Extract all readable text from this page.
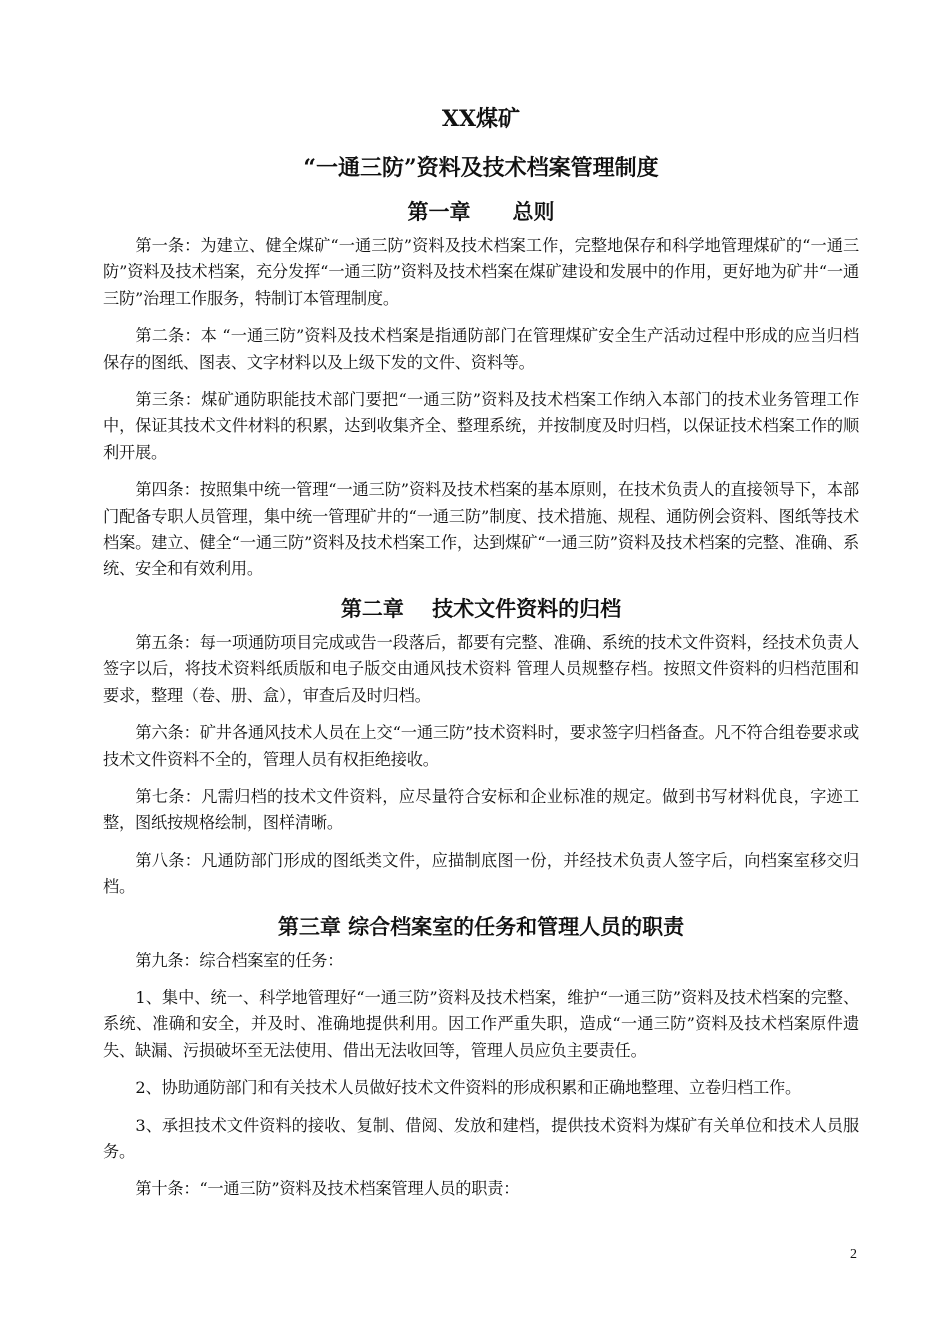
XX煤矿
“一通三防”资料及技术档案管理制度
第一章　　总则

第一条：为建立、健全煤矿“一通三防”资料及技术档案工作，完整地保存和科学地管理煤矿的“一通三防”资料及技术档案，充分发挥“一通三防”资料及技术档案在煤矿建设和发展中的作用，更好地为矿井“一通三防”治理工作服务，特制订本管理制度。

第二条：本 “一通三防”资料及技术档案是指通防部门在管理煤矿安全生产活动过程中形成的应当归档保存的图纸、图表、文字材料以及上级下发的文件、资料等。

第三条：煤矿通防职能技术部门要把“一通三防”资料及技术档案工作纳入本部门的技术业务管理工作中，保证其技术文件材料的积累，达到收集齐全、整理系统，并按制度及时归档，以保证技术档案工作的顺利开展。

第四条：按照集中统一管理“一通三防”资料及技术档案的基本原则，在技术负责人的直接领导下，本部门配备专职人员管理，集中统一管理矿井的“一通三防”制度、技术措施、规程、通防例会资料、图纸等技术档案。建立、健全“一通三防”资料及技术档案工作，达到煤矿“一通三防”资料及技术档案的完整、准确、系统、安全和有效利用。

第二章　 技术文件资料的归档

第五条：每一项通防项目完成或告一段落后，都要有完整、准确、系统的技术文件资料，经技术负责人签字以后，将技术资料纸质版和电子版交由通风技术资料 管理人员规整存档。按照文件资料的归档范围和要求，整理（卷、册、盒），审查后及时归档。

第六条：矿井各通风技术人员在上交“一通三防”技术资料时，要求签字归档备查。凡不符合组卷要求或技术文件资料不全的，管理人员有权拒绝接收。

第七条：凡需归档的技术文件资料，应尽量符合安标和企业标准的规定。做到书写材料优良，字迹工整，图纸按规格绘制，图样清晰。

第八条：凡通防部门形成的图纸类文件，应描制底图一份，并经技术负责人签字后，向档案室移交归档。

第三章 综合档案室的任务和管理人员的职责

第九条：综合档案室的任务：

1、集中、统一、科学地管理好“一通三防”资料及技术档案，维护“一通三防”资料及技术档案的完整、系统、准确和安全，并及时、准确地提供利用。因工作严重失职，造成“一通三防”资料及技术档案原件遗失、缺漏、污损破坏至无法使用、借出无法收回等，管理人员应负主要责任。

2、协助通防部门和有关技术人员做好技术文件资料的形成积累和正确地整理、立卷归档工作。

3、承担技术文件资料的接收、复制、借阅、发放和建档，提供技术资料为煤矿有关单位和技术人员服务。

第十条：“一通三防”资料及技术档案管理人员的职责：

2
